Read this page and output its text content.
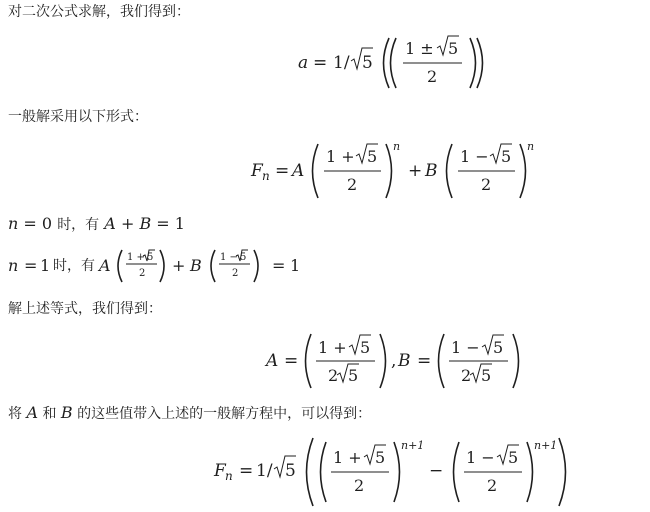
对二次公式求解，我们得到：
a = 1/ 5
1 ± 5
2
一般解采用以下形式：
F n = A
1 + 5
2
n
+ B
1 − 5
2
n
n = 0 时，有 A + B = 1
n = 1 时，有 A 1 + 5
2 + B 1 − 5
2 = 1
解上述等式，我们得到：
A =
1 + 5
2 5
, B =
1 − 5
2 5
将 A 和 B 的这些值带入上述的一般解方程中，可以得到：
F n = 1/ 5
1 + 5
2
n+1
−
1 − 5
2
n+1
